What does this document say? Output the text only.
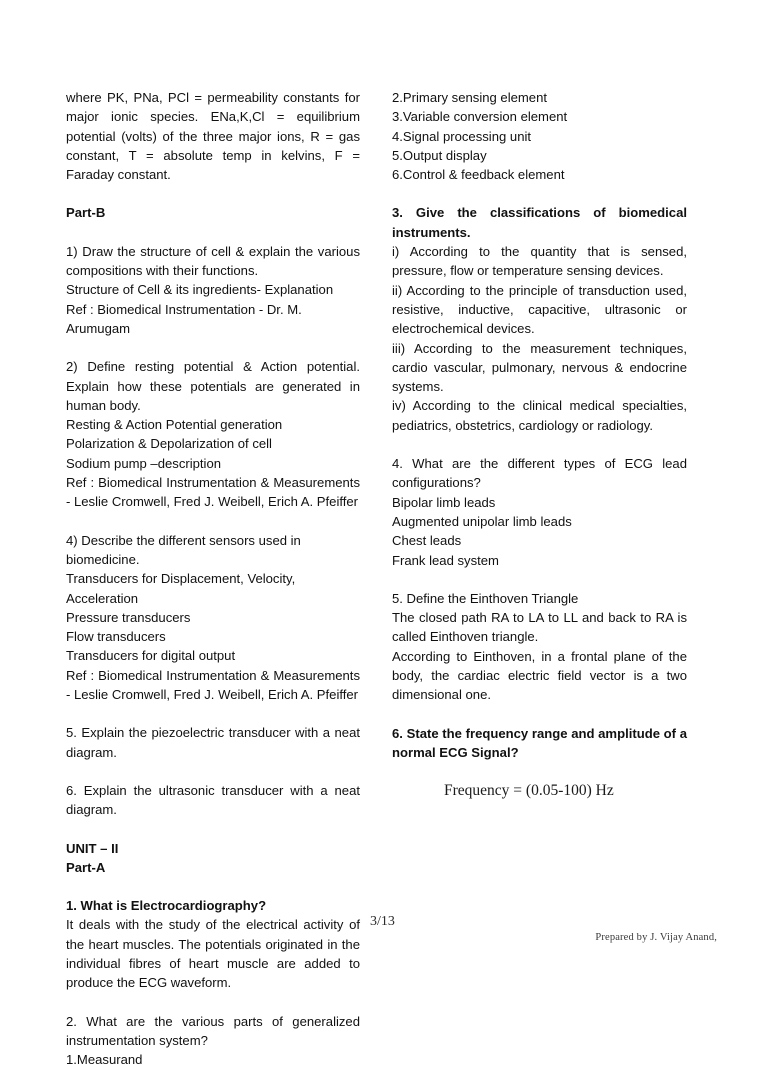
where PK, PNa, PCl = permeability constants for major ionic species. ENa,K,Cl = equilibrium potential (volts) of the three major ions, R = gas constant, T = absolute temp in kelvins, F = Faraday constant.

Part-B

1) Draw the structure of cell & explain the various compositions with their functions.

Structure of Cell & its ingredients- Explanation

Ref : Biomedical Instrumentation - Dr. M. Arumugam

2) Define resting potential & Action potential. Explain how these potentials are generated in human body.

Resting & Action Potential generation

Polarization & Depolarization of cell

Sodium pump –description

Ref : Biomedical Instrumentation & Measurements - Leslie Cromwell, Fred J. Weibell, Erich A. Pfeiffer

4) Describe the different sensors used in biomedicine.

Transducers for Displacement, Velocity, Acceleration

Pressure transducers

Flow transducers

Transducers for digital output

Ref : Biomedical Instrumentation & Measurements - Leslie Cromwell, Fred J. Weibell, Erich A. Pfeiffer

5. Explain the piezoelectric transducer with a neat diagram.

6. Explain the ultrasonic transducer with a neat diagram.

UNIT – II

Part-A

1. What is Electrocardiography?

It deals with the study of the electrical activity of the heart muscles. The potentials originated in the individual fibres of heart muscle are added to produce the ECG waveform.

2. What are the various parts of generalized instrumentation system?

1.Measurand

2.Primary sensing element

3.Variable conversion element

4.Signal processing unit

5.Output display

6.Control & feedback element

3. Give the classifications of biomedical instruments.

i) According to the quantity that is sensed, pressure, flow or temperature sensing devices.

ii) According to the principle of transduction used, resistive, inductive, capacitive, ultrasonic or electrochemical devices.

iii) According to the measurement techniques, cardio vascular, pulmonary, nervous & endocrine systems.

iv) According to the clinical medical specialties, pediatrics, obstetrics, cardiology or radiology.

4. What are the different types of ECG lead configurations?

Bipolar limb leads

Augmented unipolar limb leads

Chest leads

Frank lead system

5. Define the Einthoven Triangle

The closed path RA to LA to LL and back to RA is called Einthoven triangle.

According to Einthoven, in a frontal plane of the body, the cardiac electric field vector is a two dimensional one.

6. State the frequency range and amplitude of a normal ECG Signal?

Frequency = (0.05-100) Hz

3/13
Prepared by J. Vijay Anand,
